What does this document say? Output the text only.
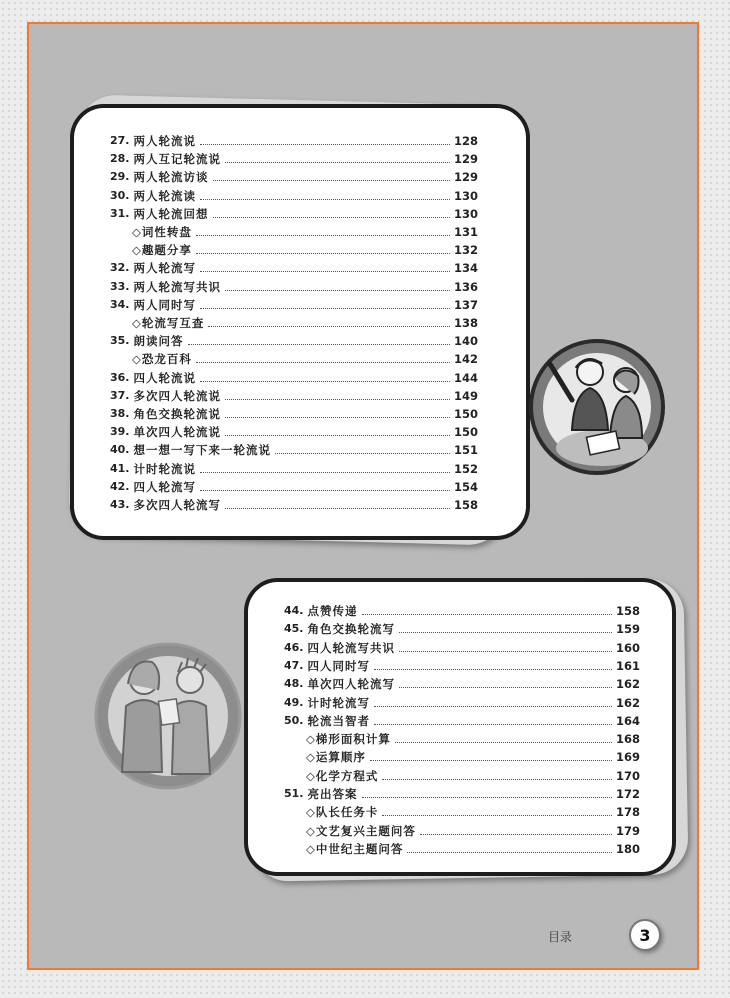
27. 两人轮流说	128
28. 两人互记轮流说	129
29. 两人轮流访谈	129
30. 两人轮流读	130
31. 两人轮流回想	130
◇词性转盘	131
◇趣题分享	132
32. 两人轮流写	134
33. 两人轮流写共识	136
34. 两人同时写	137
◇轮流写互查	138
35. 朗读问答	140
◇恐龙百科	142
36. 四人轮流说	144
37. 多次四人轮流说	149
38. 角色交换轮流说	150
39. 单次四人轮流说	150
40. 想一想一写下来一轮流说	151
41. 计时轮流说	152
42. 四人轮流写	154
43. 多次四人轮流写	158
44. 点赞传递	158
45. 角色交换轮流写	159
46. 四人轮流写共识	160
47. 四人同时写	161
48. 单次四人轮流写	162
49. 计时轮流写	162
50. 轮流当智者	164
◇梯形面积计算	168
◇运算顺序	169
◇化学方程式	170
51. 亮出答案	172
◇队长任务卡	178
◇文艺复兴主题问答	179
◇中世纪主题问答	180
目录	3
